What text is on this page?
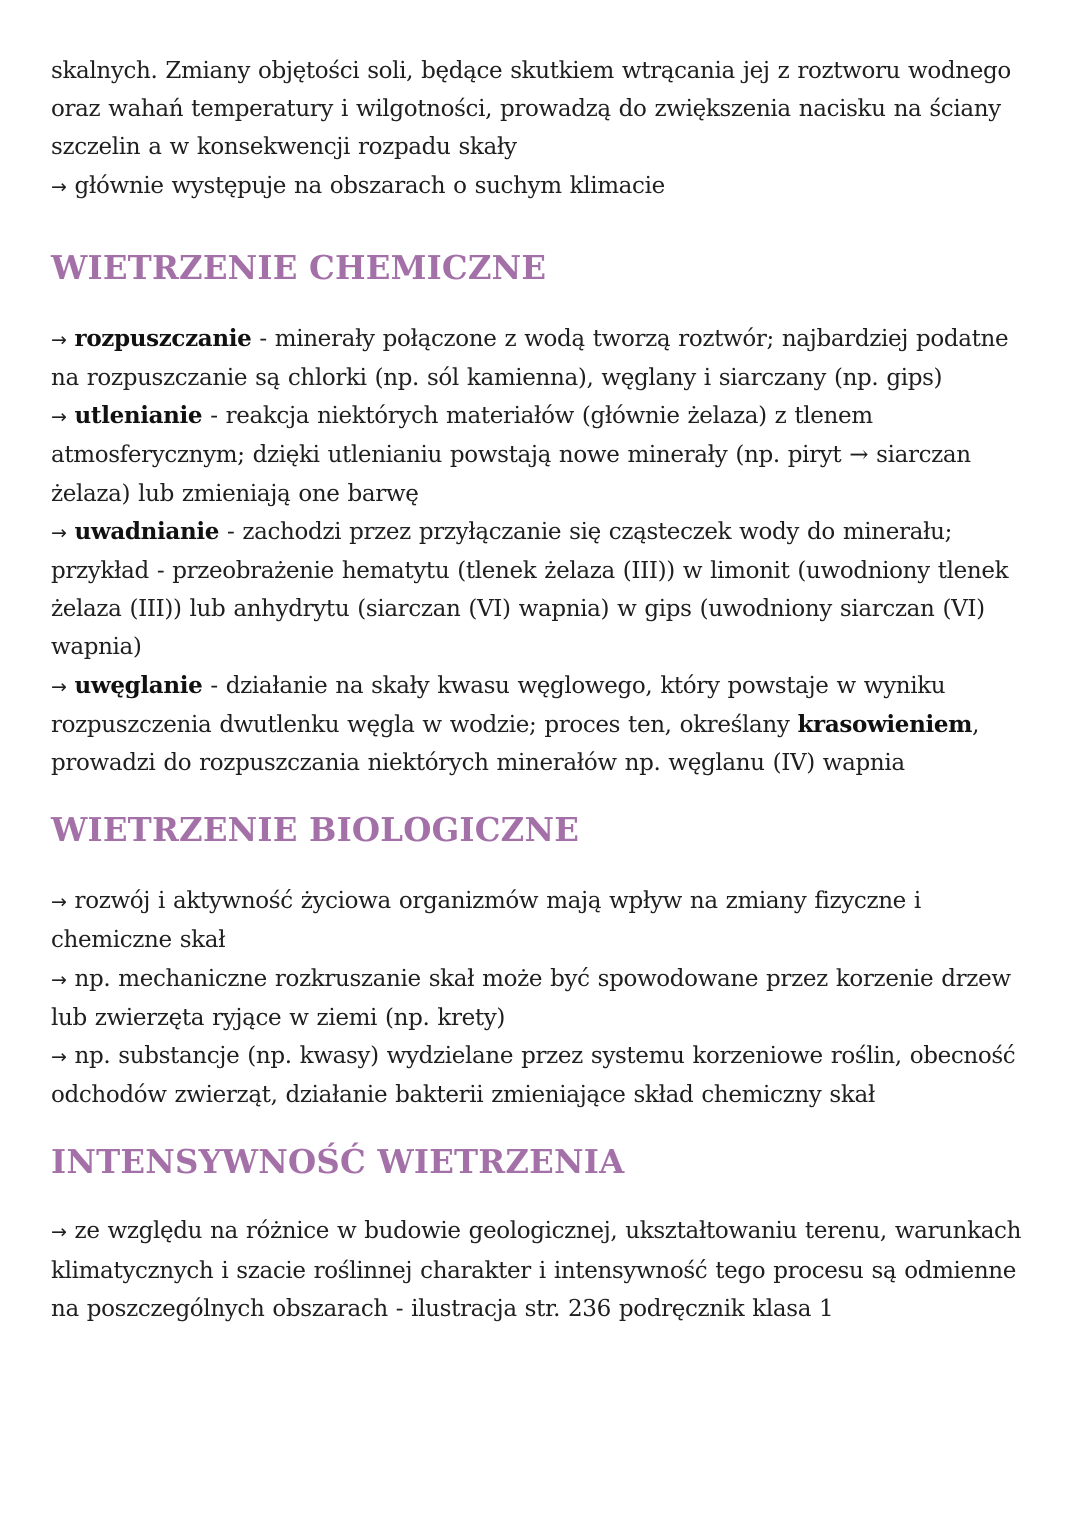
skalnych. Zmiany objętości soli, będące skutkiem wtrącania jej z roztworu wodnego oraz wahań temperatury i wilgotności, prowadzą do zwiększenia nacisku na ściany szczelin a w konsekwencji rozpadu skały
→ głównie występuje na obszarach o suchym klimacie

WIETRZENIE CHEMICZNE

→ rozpuszczanie - minerały połączone z wodą tworzą roztwór; najbardziej podatne na rozpuszczanie są chlorki (np. sól kamienna), węglany i siarczany (np. gips)
→ utlenianie - reakcja niektórych materiałów (głównie żelaza) z tlenem atmosferycznym; dzięki utlenianiu powstają nowe minerały (np. piryt → siarczan żelaza) lub zmieniają one barwę
→ uwadnianie - zachodzi przez przyłączanie się cząsteczek wody do minerału; przykład - przeobrażenie hematytu (tlenek żelaza (III)) w limonit (uwodniony tlenek żelaza (III)) lub anhydrytu (siarczan (VI) wapnia) w gips (uwodniony siarczan (VI) wapnia)
→ uwęglanie - działanie na skały kwasu węglowego, który powstaje w wyniku rozpuszczenia dwutlenku węgla w wodzie; proces ten, określany krasowieniem, prowadzi do rozpuszczania niektórych minerałów np. węglanu (IV) wapnia

WIETRZENIE BIOLOGICZNE

→ rozwój i aktywność życiowa organizmów mają wpływ na zmiany fizyczne i chemiczne skał
→ np. mechaniczne rozkruszanie skał może być spowodowane przez korzenie drzew lub zwierzęta ryjące w ziemi (np. krety)
→ np. substancje (np. kwasy) wydzielane przez systemu korzeniowe roślin, obecność odchodów zwierząt, działanie bakterii zmieniające skład chemiczny skał

INTENSYWNOŚĆ WIETRZENIA

→ ze względu na różnice w budowie geologicznej, ukształtowaniu terenu, warunkach klimatycznych i szacie roślinnej charakter i intensywność tego procesu są odmienne na poszczególnych obszarach - ilustracja str. 236 podręcznik klasa 1
